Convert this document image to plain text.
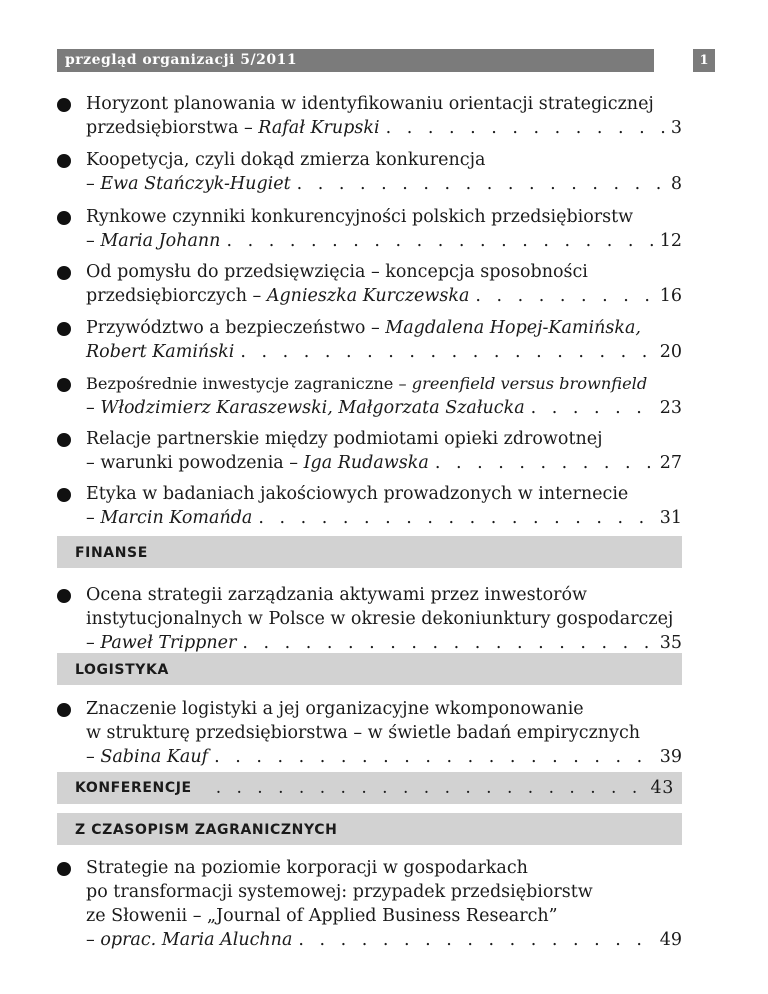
przegląd organizacji 5/2011	1
Horyzont planowania w identyfikowaniu orientacji strategicznej
przedsiębiorstwa – Rafał Krupski . . .	3
Koopetycja, czyli dokąd zmierza konkurencja
– Ewa Stańczyk-Hugiet . . .	8
Rynkowe czynniki konkurencyjności polskich przedsiębiorstw
– Maria Johann . . .	12
Od pomysłu do przedsięwzięcia – koncepcja sposobności
przedsiębiorczych – Agnieszka Kurczewska . . .	16
Przywództwo a bezpieczeństwo – Magdalena Hopej-Kamińska,
Robert Kamiński . . .	20
Bezpośrednie inwestycje zagraniczne – greenfield versus brownfield
– Włodzimierz Karaszewski, Małgorzata Szałucka . . .	23
Relacje partnerskie między podmiotami opieki zdrowotnej
– warunki powodzenia – Iga Rudawska . . .	27
Etyka w badaniach jakościowych prowadzonych w internecie
– Marcin Komańda . . .	31
FINANSE
Ocena strategii zarządzania aktywami przez inwestorów
instytucjonalnych w Polsce w okresie dekoniunktury gospodarczej
– Paweł Trippner . . .	35
LOGISTYKA
Znaczenie logistyki a jej organizacyjne wkomponowanie
w strukturę przedsiębiorstwa – w świetle badań empirycznych
– Sabina Kauf . . .	39
KONFERENCJE . . .	43
Z CZASOPISM ZAGRANICZNYCH
Strategie na poziomie korporacji w gospodarkach
po transformacji systemowej: przypadek przedsiębiorstw
ze Słowenii – „Journal of Applied Business Research”
– oprac. Maria Aluchna . . .	49
